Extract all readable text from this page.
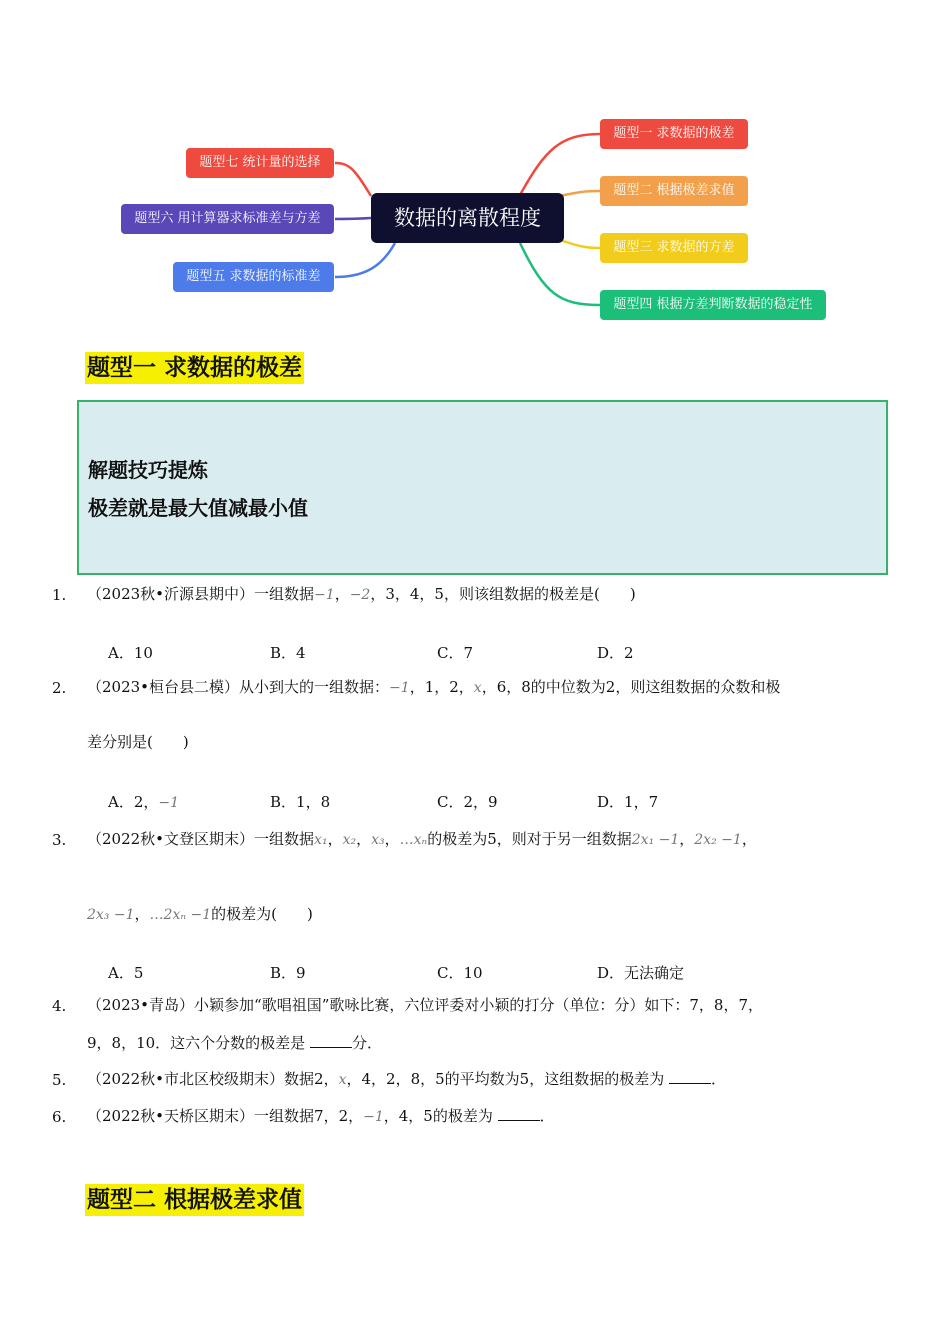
数据的离散程度
题型一 求数据的极差
题型二 根据极差求值
题型三 求数据的方差
题型四 根据方差判断数据的稳定性
题型七 统计量的选择
题型六 用计算器求标准差与方差
题型五 求数据的标准差
题型一 求数据的极差
解题技巧提炼
极差就是最大值减最小值
1. （2023秋•沂源县期中）一组数据−1，−2，3，4，5，则该组数据的极差是(　　)
A．10	B．4	C．7	D．2
2. （2023•桓台县二模）从小到大的一组数据：−1，1，2，x，6，8的中位数为2，则这组数据的众数和极
差分别是(　　)
A．2，−1	B．1，8	C．2，9	D．1，7
3. （2022秋•文登区期末）一组数据x₁，x₂，x₃，…xₙ的极差为5，则对于另一组数据2x₁ −1，2x₂ −1，
2x₃ −1，…2xₙ −1的极差为(　　)
A．5	B．9	C．10	D．无法确定
4. （2023•青岛）小颖参加“歌唱祖国”歌咏比赛，六位评委对小颖的打分（单位：分）如下：7，8，7，
9，8，10．这六个分数的极差是	分．
5. （2022秋•市北区校级期末）数据2，x，4，2，8，5的平均数为5，这组数据的极差为	．
6. （2022秋•天桥区期末）一组数据7，2，−1，4，5的极差为	．
题型二 根据极差求值
